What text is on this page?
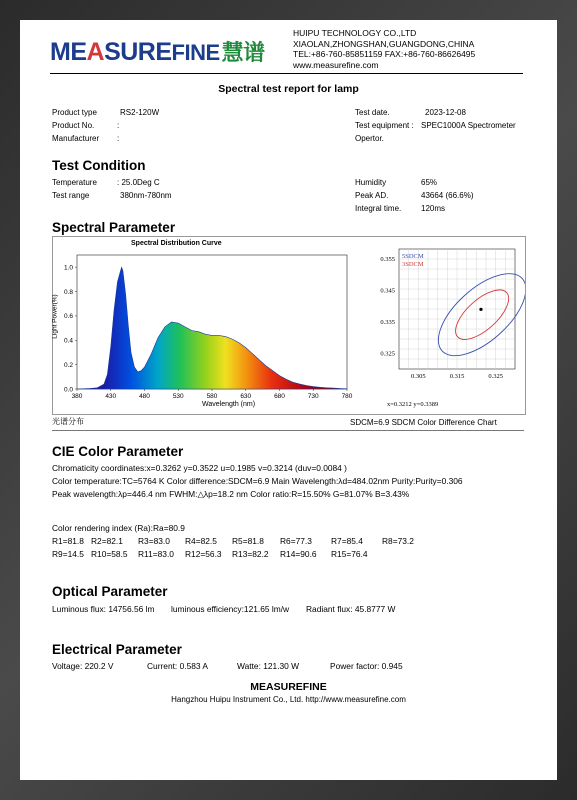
MEASUREFINE慧谱
HUIPU TECHNOLOGY CO.,LTD
XIAOLAN,ZHONGSHAN,GUANGDONG,CHINA
TEL:+86-760-85851159 FAX:+86-760-86626495
www.measurefine.com
Spectral test report for lamp
Product type	RS2-120W
Product No.	:
Manufacturer :
Test date.	2023-12-08
Test equipment : SPEC1000A Spectrometer
Opertor.
Test Condition
Temperature	: 25.0Deg C
Test range	380nm-780nm
Humidity	65%
Peak AD.	43664 (66.6%)
Integral time. 120ms
Spectral Parameter
380	430	480	530	580	630	680	730	780
0.0
0.2
0.4
0.6
0.8
1.0
5SDCM
3SDCM
0.305	0.315	0.325
0.355
0.345
0.335
0.325
Spectral Distribution Curve
Wavelength (nm)
Light Power(%)
x=0.3212 y=0.3389
光谱分布	SDCM=6.9 SDCM Color Difference Chart
CIE Color Parameter
Chromaticity coordinates:x=0.3262 y=0.3522 u=0.1985 v=0.3214 (duv=0.0084 )
Color temperature:TC=5764 K Color difference:SDCM=6.9 Main Wavelength:λd=484.02nm Purity:Purity=0.306
Peak wavelength:λp=446.4 nm FWHM:△λp=18.2 nm Color ratio:R=15.50% G=81.07% B=3.43%
Color rendering index (Ra):Ra=80.9
R1=81.8 R2=82.1 R3=83.0 R4=82.5 R5=81.8 R6=77.3 R7=85.4 R8=73.2
R9=14.5 R10=58.5 R11=83.0 R12=56.3 R13=82.2 R14=90.6 R15=76.4
Optical Parameter
Luminous flux: 14756.56 lm luminous efficiency:121.65 lm/w Radiant flux: 45.8777 W
Electrical Parameter
Voltage: 220.2 V	Current: 0.583 A	Watte: 121.30 W	Power factor: 0.945
MEASUREFINE
Hangzhou Huipu Instrument Co., Ltd. http://www.measurefine.com
